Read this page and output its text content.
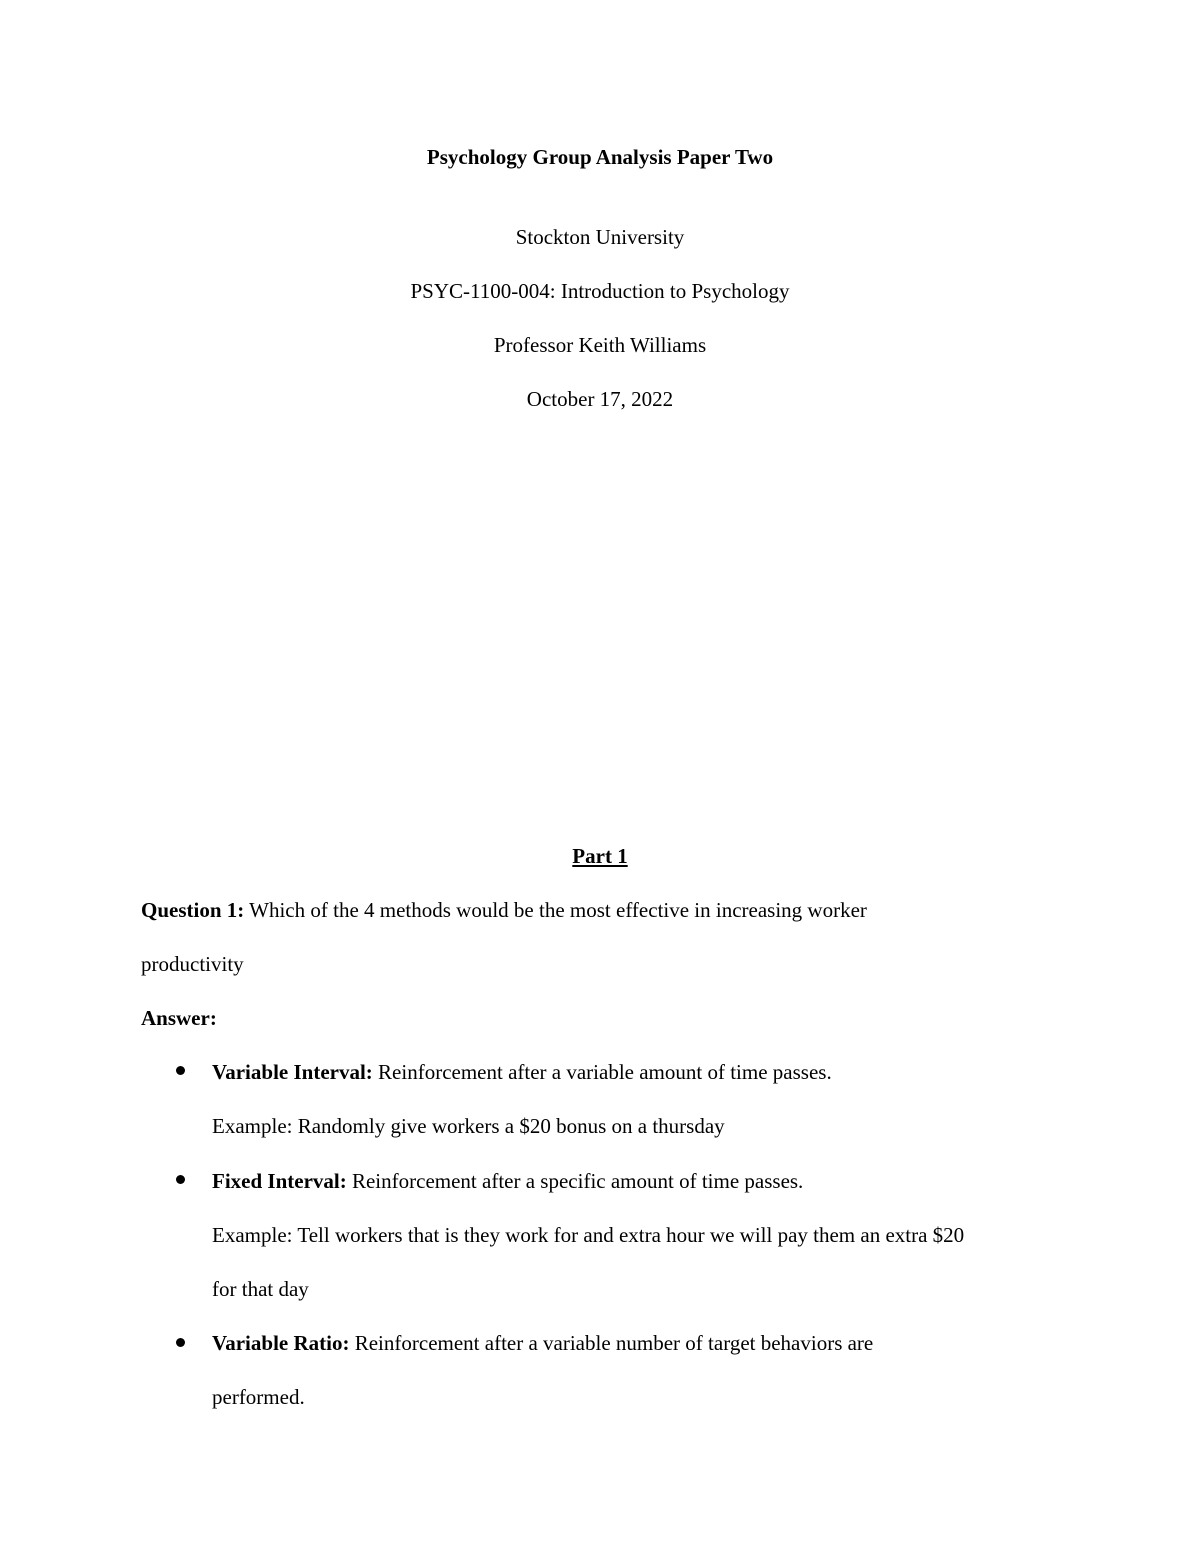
Psychology Group Analysis Paper Two
Stockton University
PSYC-1100-004: Introduction to Psychology
Professor Keith Williams
October 17, 2022
Part 1
Question 1: Which of the 4 methods would be the most effective in increasing worker
productivity
Answer:
Variable Interval: Reinforcement after a variable amount of time passes.
Example: Randomly give workers a $20 bonus on a thursday
Fixed Interval: Reinforcement after a specific amount of time passes.
Example: Tell workers that is they work for and extra hour we will pay them an extra $20
for that day
Variable Ratio: Reinforcement after a variable number of target behaviors are
performed.
